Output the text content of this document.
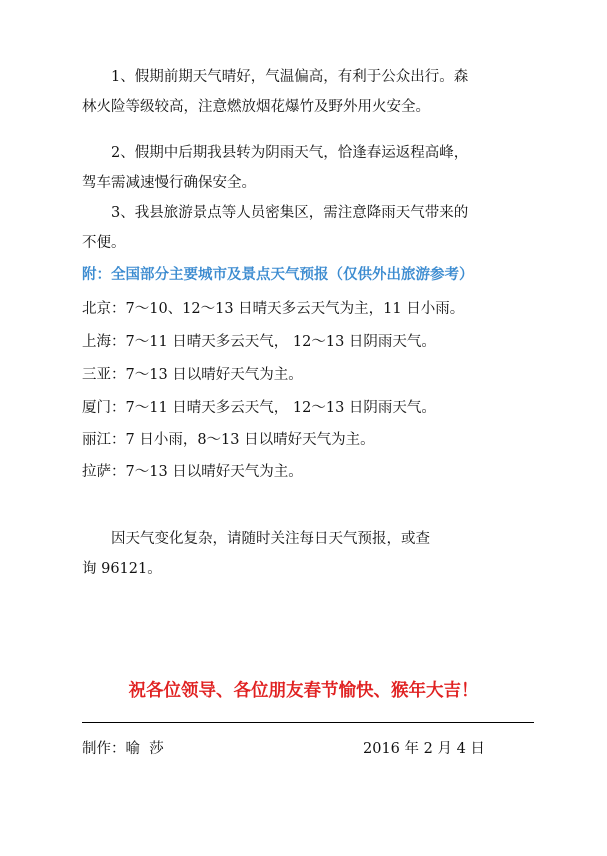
1、假期前期天气晴好，气温偏高，有利于公众出行。森
林火险等级较高，注意燃放烟花爆竹及野外用火安全。
2、假期中后期我县转为阴雨天气，恰逢春运返程高峰，
驾车需减速慢行确保安全。
3、我县旅游景点等人员密集区，需注意降雨天气带来的
不便。
附：全国部分主要城市及景点天气预报（仅供外出旅游参考）
北京：7～10、12～13 日晴天多云天气为主，11 日小雨。
上海：7～11 日晴天多云天气， 12～13 日阴雨天气。
三亚：7～13 日以晴好天气为主。
厦门：7～11 日晴天多云天气， 12～13 日阴雨天气。
丽江：7 日小雨，8～13 日以晴好天气为主。
拉萨：7～13 日以晴好天气为主。
因天气变化复杂，请随时关注每日天气预报，或查
询 96121。
祝各位领导、各位朋友春节愉快、猴年大吉！
制作：喻  莎	2016 年 2 月 4 日
